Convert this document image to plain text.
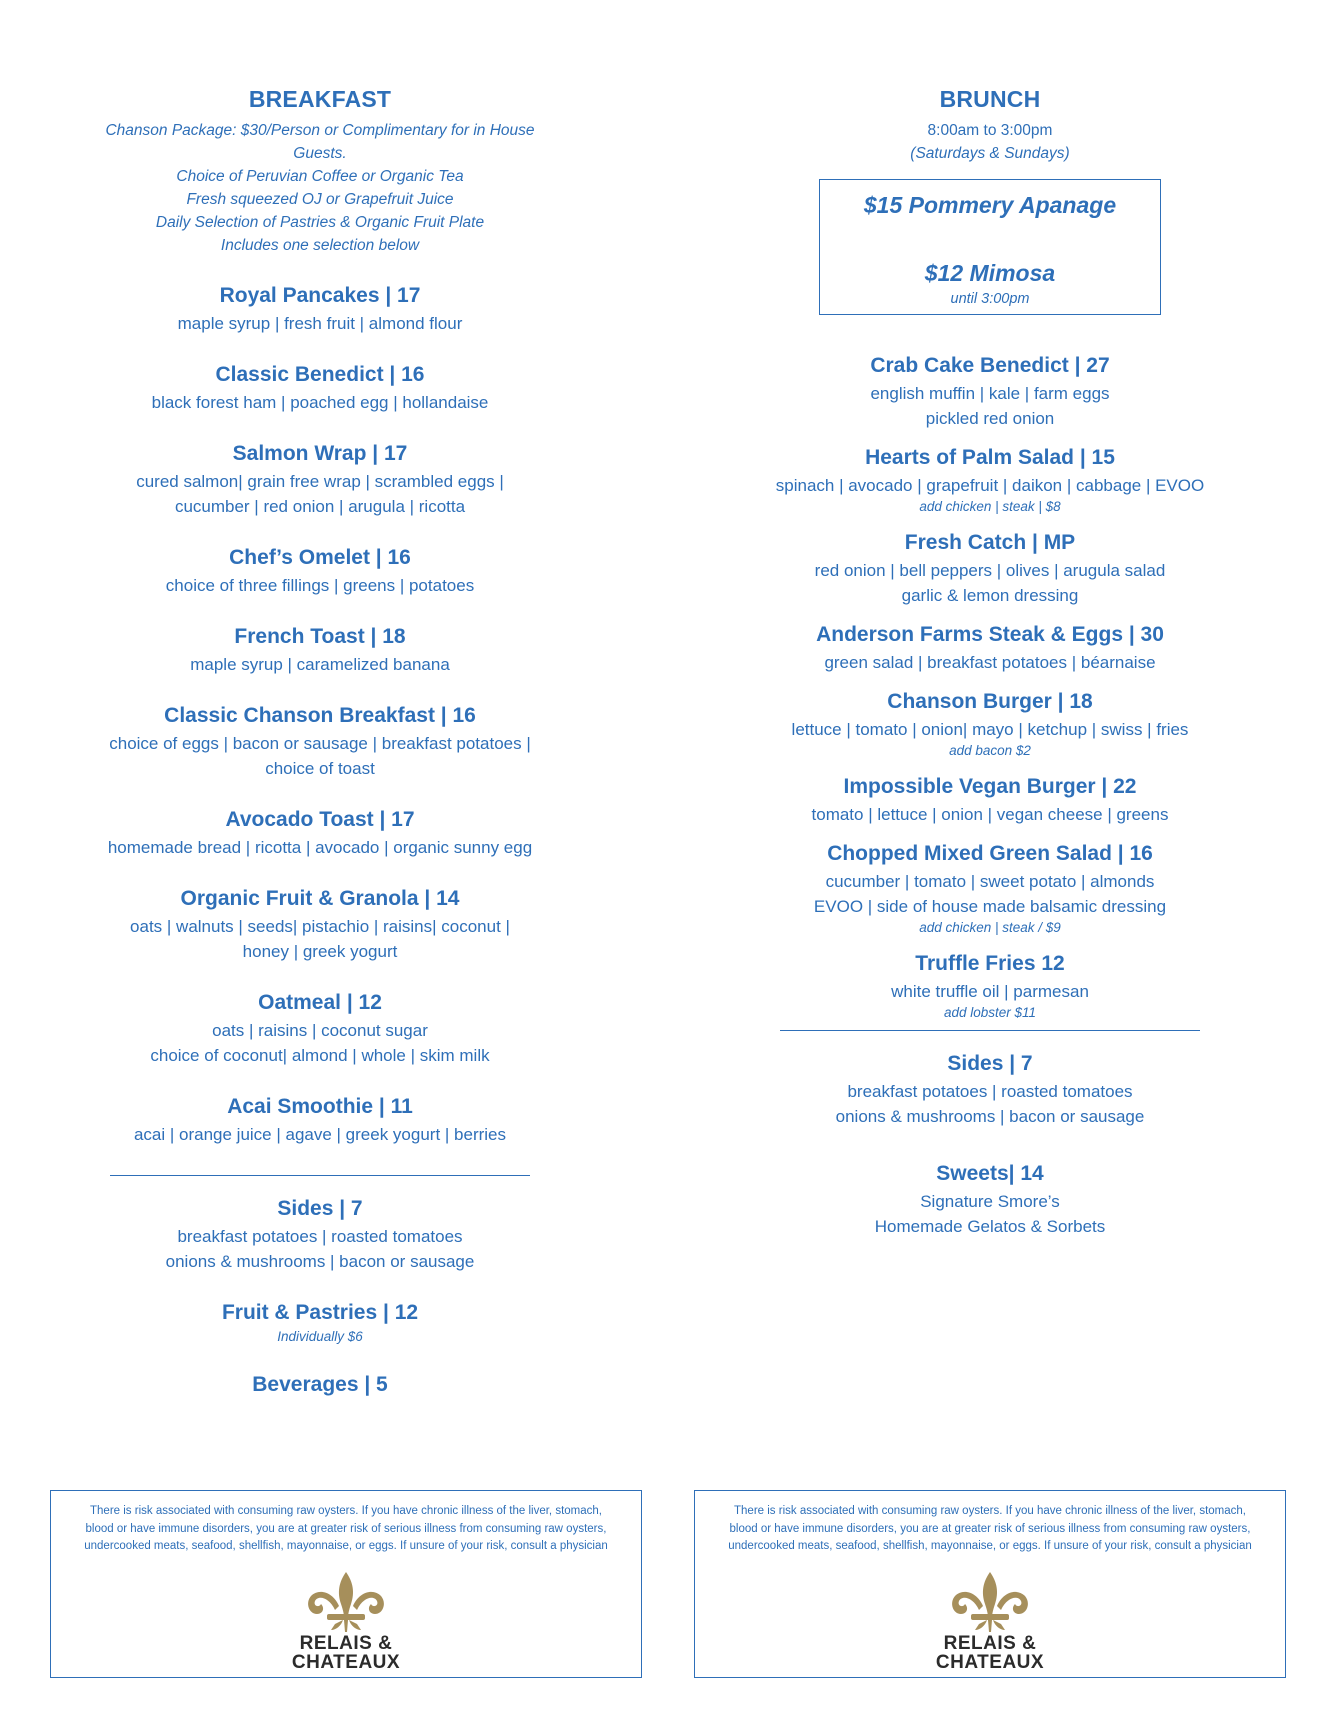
BREAKFAST
Chanson Package: $30/Person or Complimentary for in House
Guests.
Choice of Peruvian Coffee or Organic Tea
Fresh squeezed OJ or Grapefruit Juice
Daily Selection of Pastries & Organic Fruit Plate
Includes one selection below
Royal Pancakes | 17
maple syrup | fresh fruit | almond flour
Classic Benedict | 16
black forest ham | poached egg | hollandaise
Salmon Wrap | 17
cured salmon| grain free wrap | scrambled eggs |
cucumber | red onion | arugula | ricotta
Chef’s Omelet | 16
choice of three fillings | greens | potatoes
French Toast | 18
maple syrup | caramelized banana
Classic Chanson Breakfast | 16
choice of eggs | bacon or sausage | breakfast potatoes |
choice of toast
Avocado Toast | 17
homemade bread | ricotta | avocado | organic sunny egg
Organic Fruit & Granola | 14
oats | walnuts | seeds| pistachio | raisins| coconut |
honey | greek yogurt
Oatmeal | 12
oats | raisins | coconut sugar
choice of coconut| almond | whole | skim milk
Acai Smoothie | 11
acai | orange juice | agave | greek yogurt | berries
Sides | 7
breakfast potatoes | roasted tomatoes
onions & mushrooms | bacon or sausage
Fruit & Pastries | 12
Individually $6
Beverages | 5
BRUNCH
8:00am to 3:00pm
(Saturdays & Sundays)
$15 Pommery Apanage
$12 Mimosa
until 3:00pm
Crab Cake Benedict | 27
english muffin | kale | farm eggs
pickled red onion
Hearts of Palm Salad | 15
spinach | avocado | grapefruit | daikon | cabbage | EVOO
add chicken | steak | $8
Fresh Catch | MP
red onion | bell peppers | olives | arugula salad
garlic & lemon dressing
Anderson Farms Steak & Eggs | 30
green salad | breakfast potatoes | béarnaise
Chanson Burger | 18
lettuce | tomato | onion| mayo | ketchup | swiss | fries
add bacon $2
Impossible Vegan Burger | 22
tomato | lettuce | onion | vegan cheese | greens
Chopped Mixed Green Salad | 16
cucumber | tomato | sweet potato | almonds
EVOO | side of house made balsamic dressing
add chicken | steak / $9
Truffle Fries 12
white truffle oil | parmesan
add lobster $11
Sides | 7
breakfast potatoes | roasted tomatoes
onions & mushrooms | bacon or sausage
Sweets| 14
Signature Smore’s
Homemade Gelatos & Sorbets
There is risk associated with consuming raw oysters. If you have chronic illness of the liver, stomach,
blood or have immune disorders, you are at greater risk of serious illness from consuming raw oysters,
undercooked meats, seafood, shellfish, mayonnaise, or eggs. If unsure of your risk, consult a physician
RELAIS &
CHATEAUX
There is risk associated with consuming raw oysters. If you have chronic illness of the liver, stomach,
blood or have immune disorders, you are at greater risk of serious illness from consuming raw oysters,
undercooked meats, seafood, shellfish, mayonnaise, or eggs. If unsure of your risk, consult a physician
RELAIS &
CHATEAUX
